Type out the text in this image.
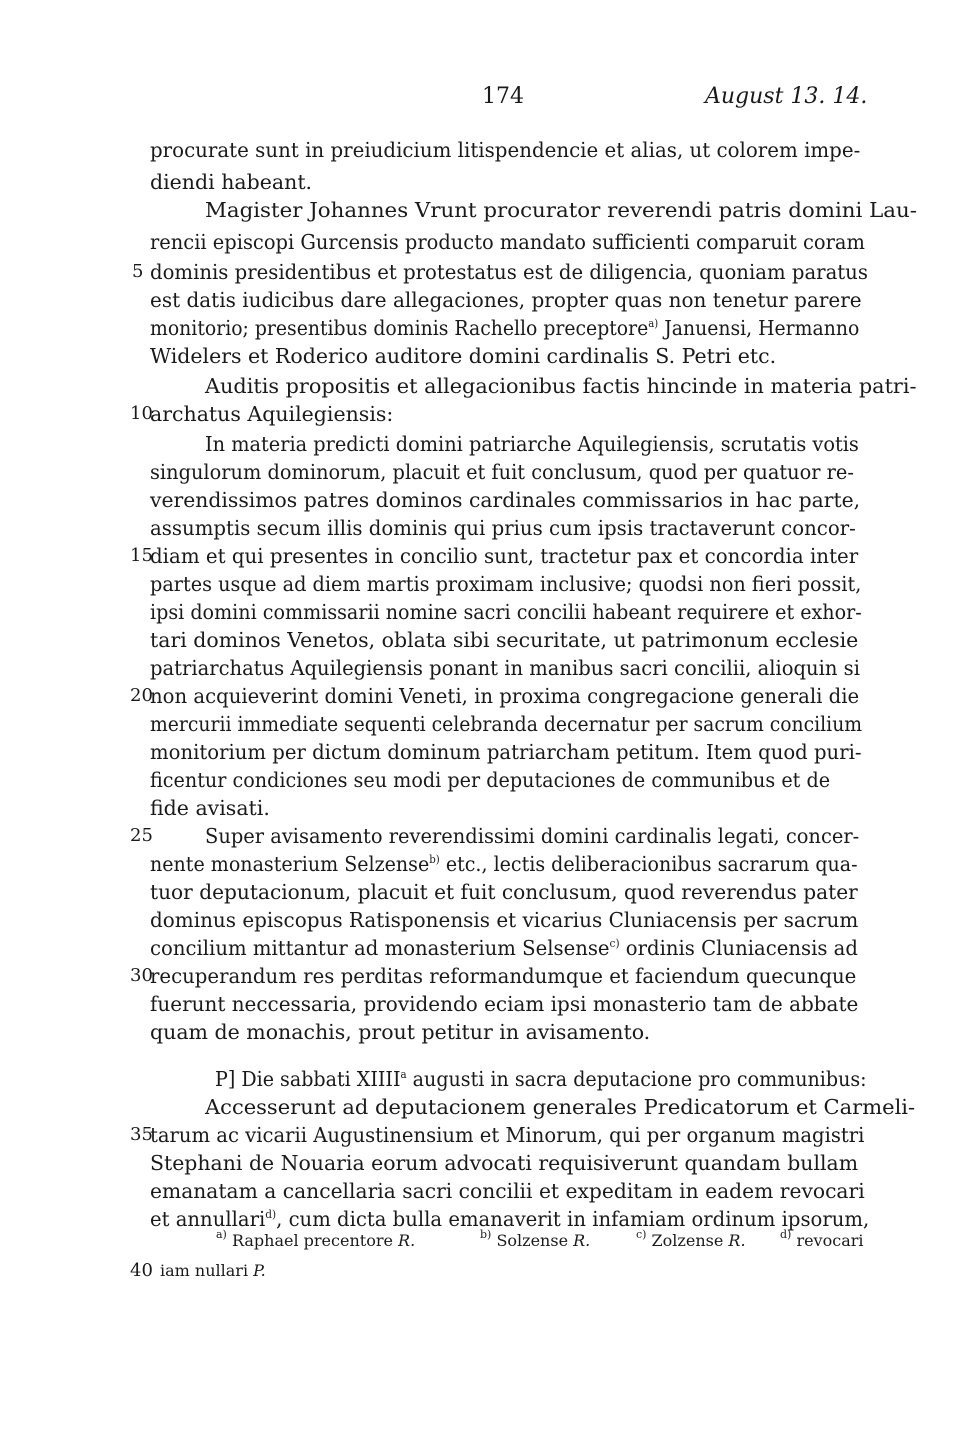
174	August 13. 14.
procurate sunt in preiudicium litispendencie et alias, ut colorem impe-
diendi habeant.
Magister Johannes Vrunt procurator reverendi patris domini Lau-
rencii episcopi Gurcensis producto mandato sufficienti comparuit coram
dominis presidentibus et protestatus est de diligencia, quoniam paratus
5
est datis iudicibus dare allegaciones, propter quas non tenetur parere
monitorio; presentibus dominis Rachello preceptore$^{a)}$ Januensi, Hermanno
Widelers et Roderico auditore domini cardinalis S. Petri etc.
Auditis propositis et allegacionibus factis hincinde in materia patri-
archatus Aquilegiensis:
10
In materia predicti domini patriarche Aquilegiensis, scrutatis votis
singulorum dominorum, placuit et fuit conclusum, quod per quatuor re-
verendissimos patres dominos cardinales commissarios in hac parte,
assumptis secum illis dominis qui prius cum ipsis tractaverunt concor-
diam et qui presentes in concilio sunt, tractetur pax et concordia inter
15
partes usque ad diem martis proximam inclusive; quodsi non fieri possit,
ipsi domini commissarii nomine sacri concilii habeant requirere et exhor-
tari dominos Venetos, oblata sibi securitate, ut patrimonum ecclesie
patriarchatus Aquilegiensis ponant in manibus sacri concilii, alioquin si
non acquieverint domini Veneti, in proxima congregacione generali die
20
mercurii immediate sequenti celebranda decernatur per sacrum concilium
monitorium per dictum dominum patriarcham petitum. Item quod puri-
ficentur condiciones seu modi per deputaciones de communibus et de
fide avisati.
Super avisamento reverendissimi domini cardinalis legati, concer-
25
nente monasterium Selzense$^{b)}$ etc., lectis deliberacionibus sacrarum qua-
tuor deputacionum, placuit et fuit conclusum, quod reverendus pater
dominus episcopus Ratisponensis et vicarius Cluniacensis per sacrum
concilium mittantur ad monasterium Selsense$^{c)}$ ordinis Cluniacensis ad
recuperandum res perditas reformandumque et faciendum quecunque
30
fuerunt neccessaria, providendo eciam ipsi monasterio tam de abbate
quam de monachis, prout petitur in avisamento.
P] Die sabbati XIIII$^a$ augusti in sacra deputacione pro communibus:
Accesserunt ad deputacionem generales Predicatorum et Carmeli-
tarum ac vicarii Augustinensium et Minorum, qui per organum magistri
35
Stephani de Nouaria eorum advocati requisiverunt quandam bullam
emanatam a cancellaria sacri concilii et expeditam in eadem revocari
et annullari$^{d)}$, cum dicta bulla emanaverit in infamiam ordinum ipsorum,
$^{a)}$ Raphael precentore R.	$^{b)}$ Solzense R.	$^{c)}$ Zolzense R.	$^{d)}$ revocari
iam nullari P.
40
